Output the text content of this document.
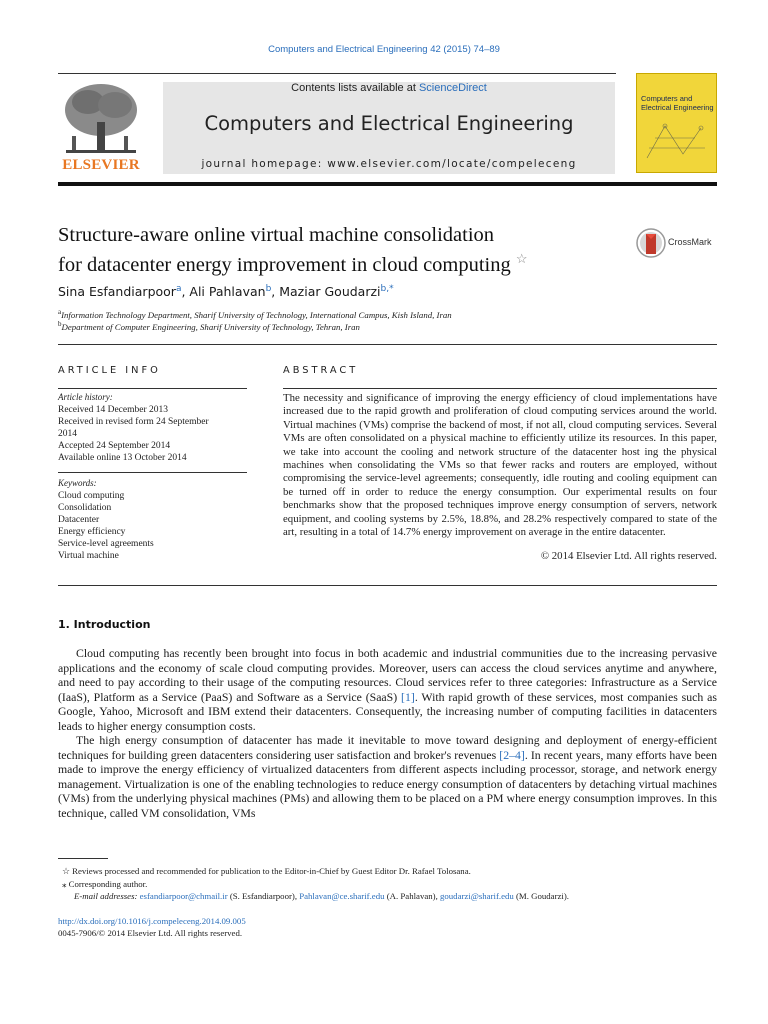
Computers and Electrical Engineering 42 (2015) 74–89
ELSEVIER
Contents lists available at ScienceDirect
Computers and Electrical Engineering
journal homepage: www.elsevier.com/locate/compeleceng
Computers and
Electrical Engineering
Structure-aware online virtual machine consolidation
for datacenter energy improvement in cloud computing ☆
CrossMark
Sina Esfandiarpoor$^a$, Ali Pahlavan$^b$, Maziar Goudarzi$^{b,*}$
$^a$Information Technology Department, Sharif University of Technology, International Campus, Kish Island, Iran
$^b$Department of Computer Engineering, Sharif University of Technology, Tehran, Iran
ARTICLE INFO
Article history:
Received 14 December 2013
Received in revised form 24 September
2014
Accepted 24 September 2014
Available online 13 October 2014
Keywords:
Cloud computing
Consolidation
Datacenter
Energy efficiency
Service-level agreements
Virtual machine
ABSTRACT
The necessity and significance of improving the energy efficiency of cloud implementations have increased due to the rapid growth and proliferation of cloud computing services around the world. Virtual machines (VMs) comprise the backend of most, if not all, cloud computing services. Several VMs are often consolidated on a physical machine to efficiently utilize its resources. In this paper, we take into account the cooling and network structure of the datacenter host ing the physical machines when consolidating the VMs so that fewer racks and routers are employed, without compromising the service-level agreements; consequently, idle routing and cooling equipment can be turned off in order to reduce the energy consumption. Our experimental results on four benchmarks show that the proposed techniques improve energy consumption of servers, network equipment, and cooling systems by 2.5%, 18.8%, and 28.2% respectively compared to state of the art, resulting in a total of 14.7% energy improvement on average in the entire datacenter.
© 2014 Elsevier Ltd. All rights reserved.
1. Introduction
Cloud computing has recently been brought into focus in both academic and industrial communities due to the increasing pervasive applications and the economy of scale cloud computing provides. Moreover, users can access the cloud services anytime and anywhere, and need to pay according to their usage of the computing resources. Cloud services refer to three categories: Infrastructure as a Service (IaaS), Platform as a Service (PaaS) and Software as a Service (SaaS) [1]. With rapid growth of these services, most companies such as Google, Yahoo, Microsoft and IBM extend their datacenters. Consequently, the increasing number of computing facilities in datacenters leads to higher energy consumption costs.
The high energy consumption of datacenter has made it inevitable to move toward designing and deployment of energy-efficient techniques for building green datacenters considering user satisfaction and broker's revenues [2–4]. In recent years, many efforts have been made to improve the energy efficiency of virtualized datacenters from different aspects including processor, storage, and network energy management. Virtualization is one of the enabling technologies to reduce energy consumption of datacenters by detaching virtual machines (VMs) from the underlying physical machines (PMs) and allowing them to be placed on a PM where energy consumption improves. In this technique, called VM consolidation, VMs
☆ Reviews processed and recommended for publication to the Editor-in-Chief by Guest Editor Dr. Rafael Tolosana.
⁎ Corresponding author.
E-mail addresses: esfandiarpoor@chmail.ir (S. Esfandiarpoor), Pahlavan@ce.sharif.edu (A. Pahlavan), goudarzi@sharif.edu (M. Goudarzi).
http://dx.doi.org/10.1016/j.compeleceng.2014.09.005
0045-7906/© 2014 Elsevier Ltd. All rights reserved.
